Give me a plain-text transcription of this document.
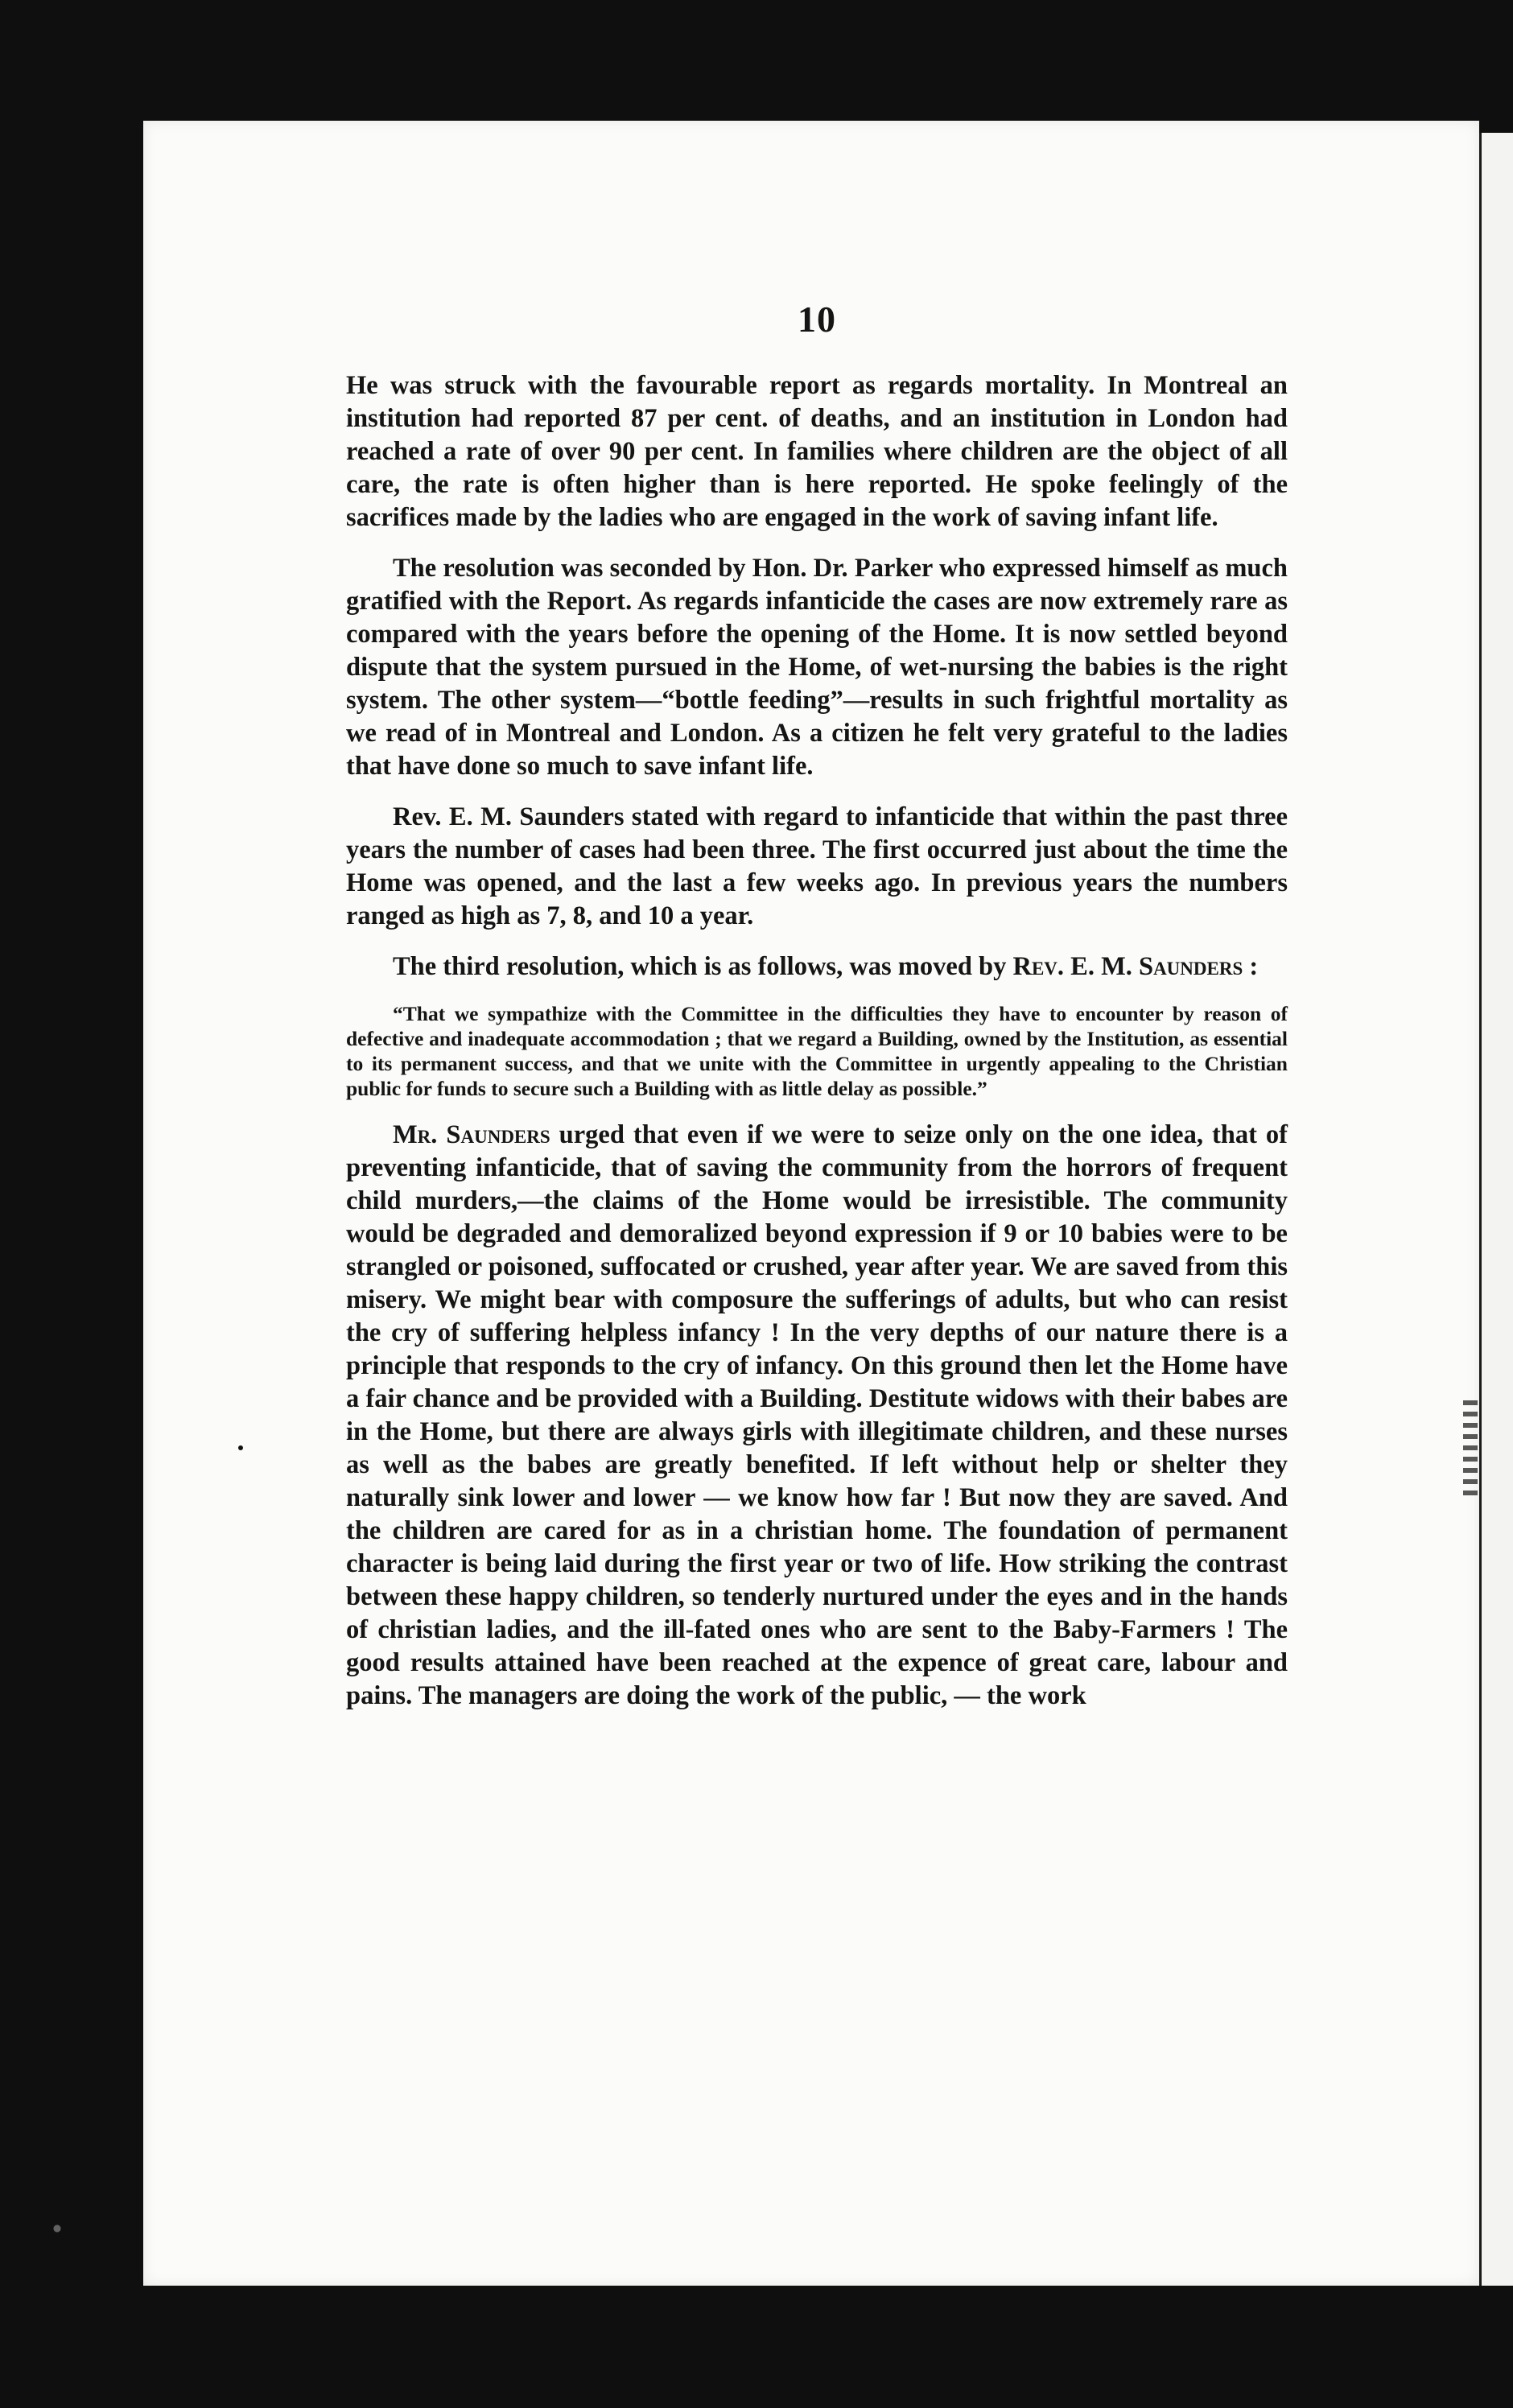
10

He was struck with the favourable report as regards mortality. In Montreal an institution had reported 87 per cent. of deaths, and an institution in London had reached a rate of over 90 per cent. In families where children are the object of all care, the rate is often higher than is here reported. He spoke feelingly of the sacrifices made by the ladies who are engaged in the work of saving infant life.

The resolution was seconded by Hon. Dr. Parker who expressed himself as much gratified with the Report. As regards infanticide the cases are now extremely rare as compared with the years before the opening of the Home. It is now settled beyond dispute that the system pursued in the Home, of wet-nursing the babies is the right system. The other system—“bottle feeding”—results in such frightful mortality as we read of in Montreal and London. As a citizen he felt very grateful to the ladies that have done so much to save infant life.

Rev. E. M. Saunders stated with regard to infanticide that within the past three years the number of cases had been three. The first occurred just about the time the Home was opened, and the last a few weeks ago. In previous years the numbers ranged as high as 7, 8, and 10 a year.

The third resolution, which is as follows, was moved by Rev. E. M. Saunders :

“That we sympathize with the Committee in the difficulties they have to encounter by reason of defective and inadequate accommodation ; that we regard a Building, owned by the Institution, as essential to its permanent success, and that we unite with the Committee in urgently appealing to the Christian public for funds to secure such a Building with as little delay as possible.”

Mr. Saunders urged that even if we were to seize only on the one idea, that of preventing infanticide, that of saving the community from the horrors of frequent child murders,—the claims of the Home would be irresistible. The community would be degraded and demoralized beyond expression if 9 or 10 babies were to be strangled or poisoned, suffocated or crushed, year after year. We are saved from this misery. We might bear with composure the sufferings of adults, but who can resist the cry of suffering helpless infancy ! In the very depths of our nature there is a principle that responds to the cry of infancy. On this ground then let the Home have a fair chance and be provided with a Building. Destitute widows with their babes are in the Home, but there are always girls with illegitimate children, and these nurses as well as the babes are greatly benefited. If left without help or shelter they naturally sink lower and lower — we know how far ! But now they are saved. And the children are cared for as in a christian home. The foundation of permanent character is being laid during the first year or two of life. How striking the contrast between these happy children, so tenderly nurtured under the eyes and in the hands of christian ladies, and the ill-fated ones who are sent to the Baby-Farmers ! The good results attained have been reached at the expence of great care, labour and pains. The managers are doing the work of the public, — the work
